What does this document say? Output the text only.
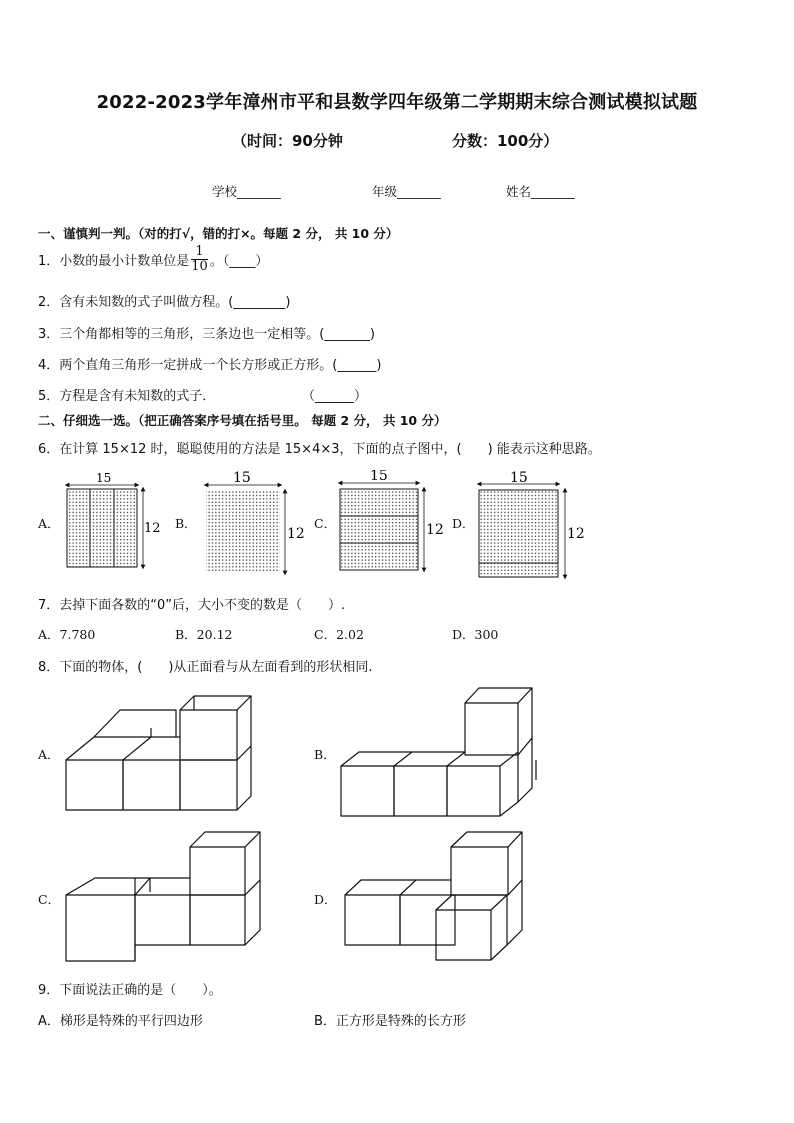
2022-2023学年漳州市平和县数学四年级第二学期期末综合测试模拟试题
（时间：90分钟	分数：100分）
学校_______	年级_______	姓名_______
一、谨慎判一判。（对的打√，错的打×。每题 2 分， 共 10 分）
1．小数的最小计数单位是 $\frac{1}{10}$ 。（____）
2．含有未知数的式子叫做方程。(________)
3．三个角都相等的三角形，三条边也一定相等。(_______)
4．两个直角三角形一定拼成一个长方形或正方形。(______)
5．方程是含有未知数的式子．	（______）
二、仔细选一选。（把正确答案序号填在括号里。 每题 2 分， 共 10 分）
6．在计算 15×12 时，聪聪使用的方法是 15×4×3，下面的点子图中，(　　) 能表示这种思路。
A．	B．	C．	D．
15
12
15
12
15
12
15
12
7．去掉下面各数的“0”后，大小不变的数是（　　）.
A．7.780	B．20.12	C．2.02	D．300
8．下面的物体，(　　)从正面看与从左面看到的形状相同.
A．	B．
C．	D．
9．下面说法正确的是（　　）。
A．梯形是特殊的平行四边形	B．正方形是特殊的长方形
